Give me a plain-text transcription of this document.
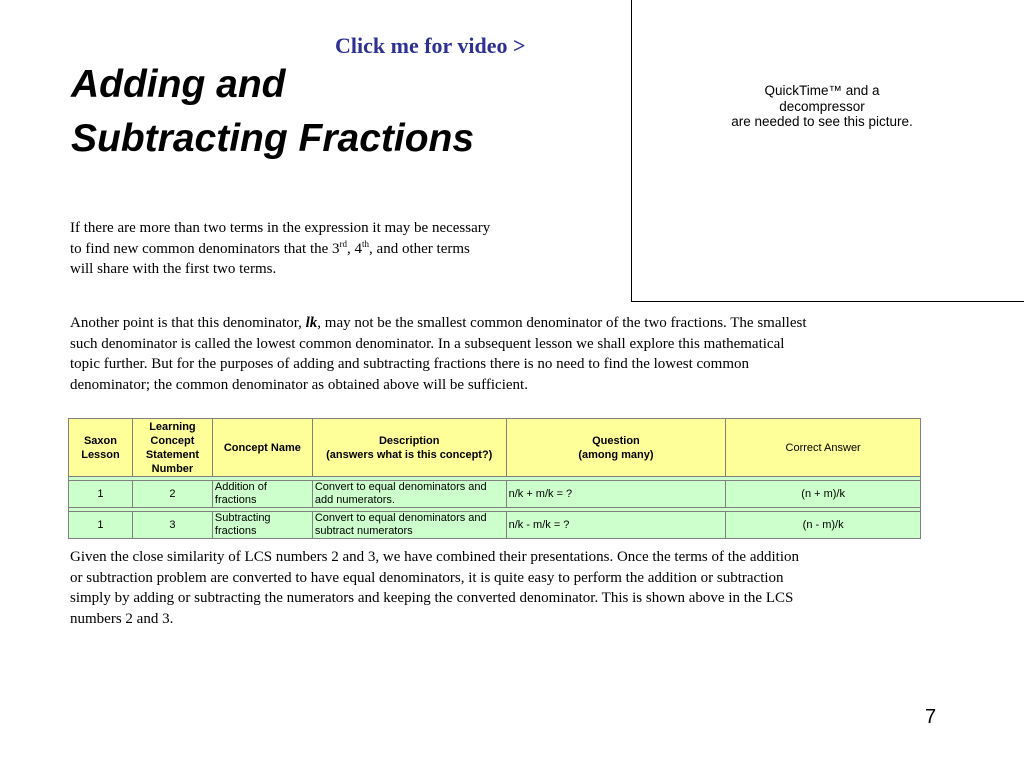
Click me for video >
Adding and
Subtracting Fractions
QuickTime™ and a
decompressor
are needed to see this picture.

If there are more than two terms in the expression it may be necessary
to find new common denominators that the 3rd, 4th, and other terms
will share with the first two terms.

Another point is that this denominator, lk, may not be the smallest common denominator of the two fractions. The smallest
such denominator is called the lowest common denominator. In a subsequent lesson we shall explore this mathematical
topic further. But for the purposes of adding and subtracting fractions there is no need to find the lowest common
denominator; the common denominator as obtained above will be sufficient.

Saxon
Lesson	Learning
Concept
Statement
Number	Concept Name	Description
(answers what is this concept?)	Question
(among many)	Correct Answer

1	2	Addition of
fractions	Convert to equal denominators and
add numerators.	n/k + m/k = ?	(n + m)/k

1	3	Subtracting
fractions	Convert to equal denominators and
subtract numerators	n/k - m/k = ?	(n - m)/k

Given the close similarity of LCS numbers 2 and 3, we have combined their presentations. Once the terms of the addition
or subtraction problem are converted to have equal denominators, it is quite easy to perform the addition or subtraction
simply by adding or subtracting the numerators and keeping the converted denominator. This is shown above in the LCS
numbers 2 and 3.

7
